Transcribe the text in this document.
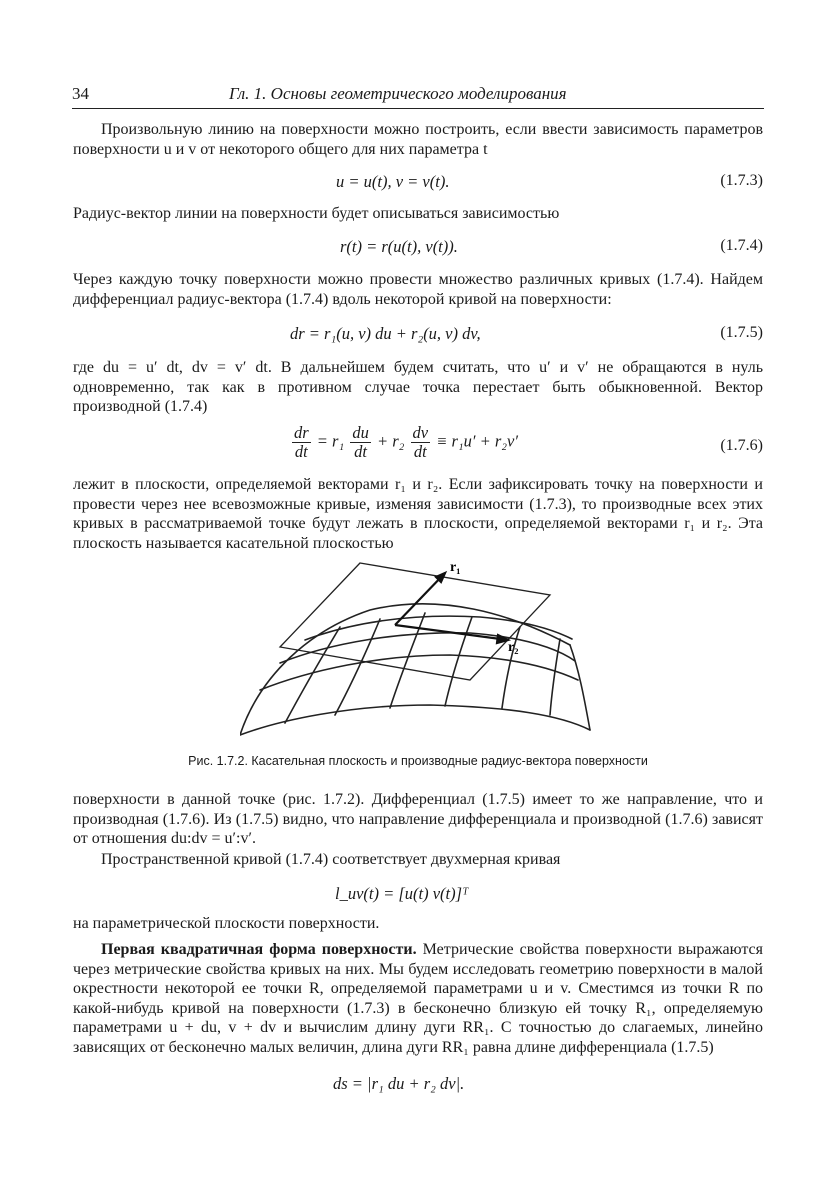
34	Гл. 1. Основы геометрического моделирования

Произвольную линию на поверхности можно построить, если ввести зависимость параметров поверхности u и v от некоторого общего для них параметра t

u = u(t), v = v(t).	(1.7.3)

Радиус-вектор линии на поверхности будет описываться зависимостью

r(t) = r(u(t), v(t)).	(1.7.4)

Через каждую точку поверхности можно провести множество различных кривых (1.7.4). Найдем дифференциал радиус-вектора (1.7.4) вдоль некоторой кривой на поверхности:

dr = r₁(u, v) du + r₂(u, v) dv,	(1.7.5)

где du = u′ dt, dv = v′ dt. В дальнейшем будем считать, что u′ и v′ не обращаются в нуль одновременно, так как в противном случае точка перестает быть обыкновенной. Вектор производной (1.7.4)

$\frac{dr}{dt} = r_1 \frac{du}{dt} + r_2 \frac{dv}{dt} \equiv r_1u' + r_2v'$	(1.7.6)

лежит в плоскости, определяемой векторами r₁ и r₂. Если зафиксировать точку на поверхности и провести через нее всевозможные кривые, изменяя зависимости (1.7.3), то производные всех этих кривых в рассматриваемой точке будут лежать в плоскости, определяемой векторами r₁ и r₂. Эта плоскость называется касательной плоскостью

r₁
r₂
Рис. 1.7.2. Касательная плоскость и производные радиус-вектора поверхности

поверхности в данной точке (рис. 1.7.2). Дифференциал (1.7.5) имеет то же направление, что и производная (1.7.6). Из (1.7.5) видно, что направление дифференциала и производной (1.7.6) зависят от отношения du:dv = u′:v′.

Пространственной кривой (1.7.4) соответствует двухмерная кривая

l_uv(t) = [u(t) v(t)]ᵀ

на параметрической плоскости поверхности.

Первая квадратичная форма поверхности. Метрические свойства поверхности выражаются через метрические свойства кривых на них. Мы будем исследовать геометрию поверхности в малой окрестности некоторой ее точки R, определяемой параметрами u и v. Сместимся из точки R по какой-нибудь кривой на поверхности (1.7.3) в бесконечно близкую ей точку R₁, определяемую параметрами u + du, v + dv и вычислим длину дуги RR₁. С точностью до слагаемых, линейно зависящих от бесконечно малых величин, длина дуги RR₁ равна длине дифференциала (1.7.5)

ds = |r₁ du + r₂ dv|.
